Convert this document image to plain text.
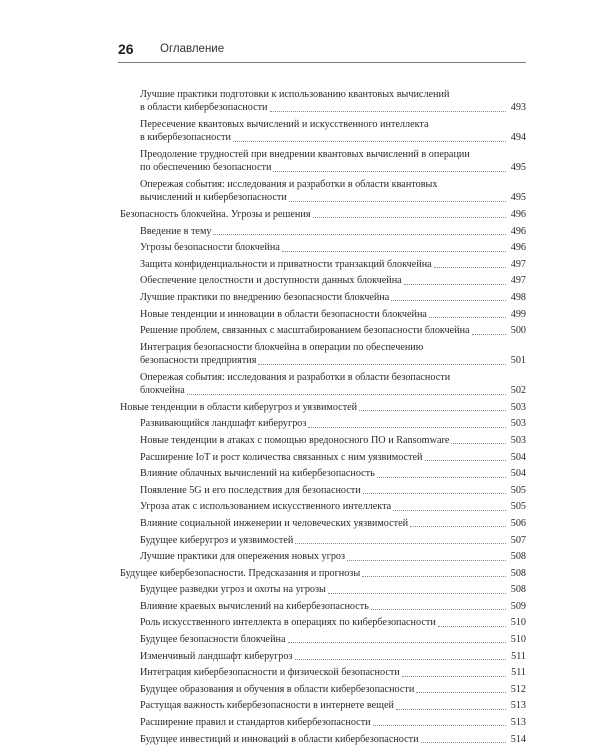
26 Оглавление
Лучшие практики подготовки к использованию квантовых вычислений
в области кибербезопасности	493
Пересечение квантовых вычислений и искусственного интеллекта
в кибербезопасности	494
Преодоление трудностей при внедрении квантовых вычислений в операции
по обеспечению безопасности	495
Опережая события: исследования и разработки в области квантовых
вычислений и кибербезопасности	495
Безопасность блокчейна. Угрозы и решения	496
Введение в тему	496
Угрозы безопасности блокчейна	496
Защита конфиденциальности и приватности транзакций блокчейна	497
Обеспечение целостности и доступности данных блокчейна	497
Лучшие практики по внедрению безопасности блокчейна	498
Новые тенденции и инновации в области безопасности блокчейна	499
Решение проблем, связанных с масштабированием безопасности блокчейна	500
Интеграция безопасности блокчейна в операции по обеспечению
безопасности предприятия	501
Опережая события: исследования и разработки в области безопасности
блокчейна	502
Новые тенденции в области киберугроз и уязвимостей	503
Развивающийся ландшафт киберугроз	503
Новые тенденции в атаках с помощью вредоносного ПО и Ransomware	503
Расширение IoT и рост количества связанных с ним уязвимостей	504
Влияние облачных вычислений на кибербезопасность	504
Появление 5G и его последствия для безопасности	505
Угроза атак с использованием искусственного интеллекта	505
Влияние социальной инженерии и человеческих уязвимостей	506
Будущее киберугроз и уязвимостей	507
Лучшие практики для опережения новых угроз	508
Будущее кибербезопасности. Предсказания и прогнозы	508
Будущее разведки угроз и охоты на угрозы	508
Влияние краевых вычислений на кибербезопасность	509
Роль искусственного интеллекта в операциях по кибербезопасности	510
Будущее безопасности блокчейна	510
Изменчивый ландшафт киберугроз	511
Интеграция кибербезопасности и физической безопасности	511
Будущее образования и обучения в области кибербезопасности	512
Растущая важность кибербезопасности в интернете вещей	513
Расширение правил и стандартов кибербезопасности	513
Будущее инвестиций и инноваций в области кибербезопасности	514
